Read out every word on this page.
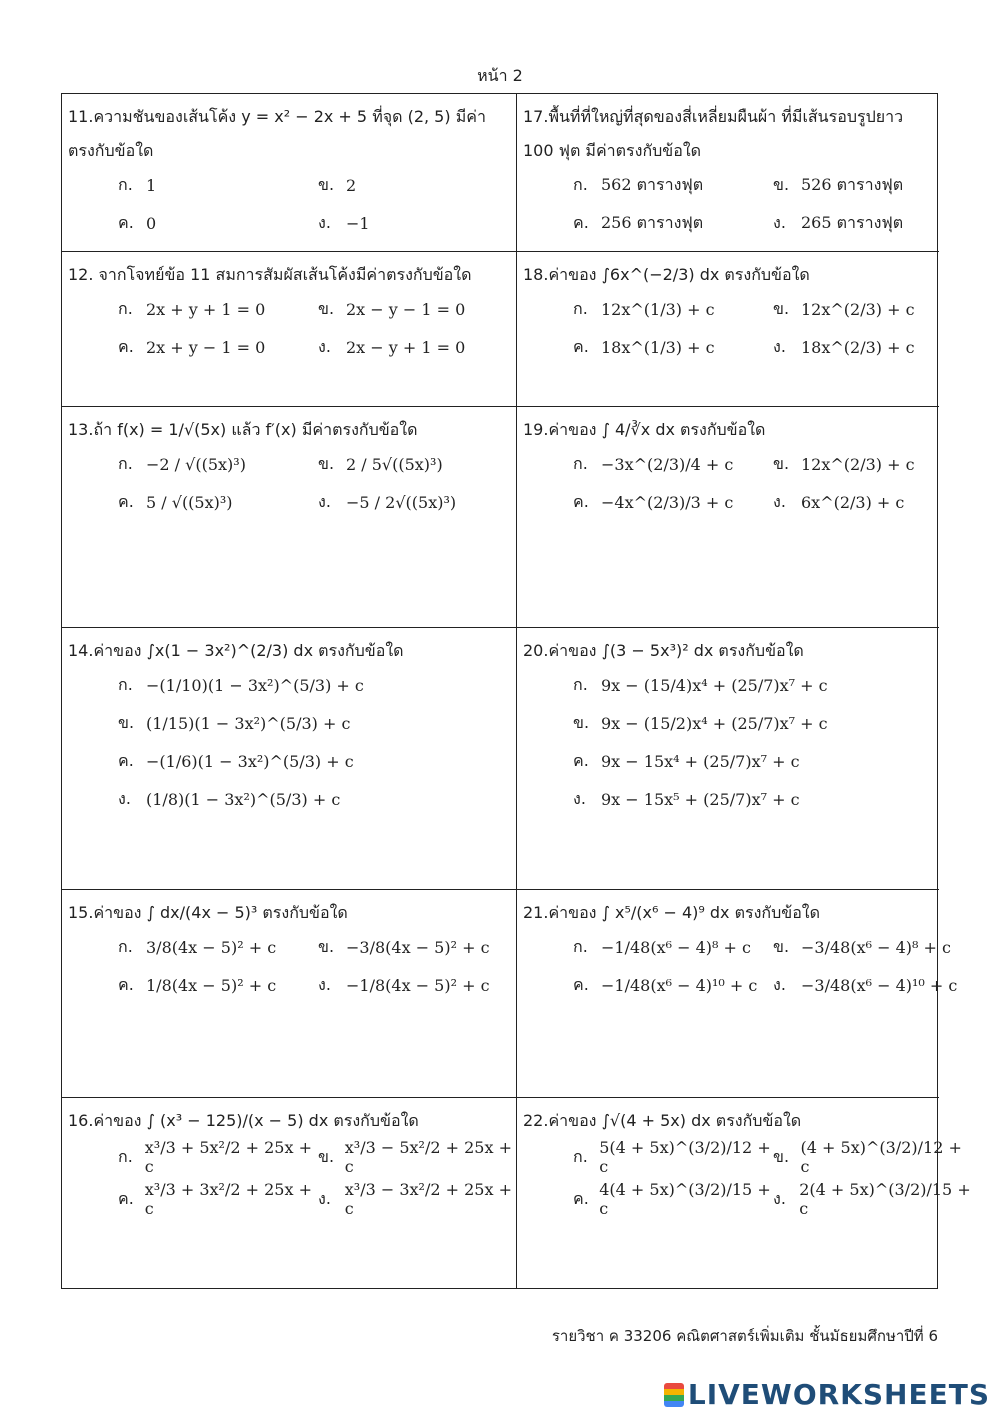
หน้า 2
11.ความชันของเส้นโค้ง y = x² − 2x + 5 ที่จุด (2, 5) มีค่าตรงกับข้อใด
ก. 1	ข. 2
ค. 0	ง. −1
17.พื้นที่ที่ใหญ่ที่สุดของสี่เหลี่ยมผืนผ้า ที่มีเส้นรอบรูปยาว 100 ฟุต มีค่าตรงกับข้อใด
ก. 562 ตารางฟุต	ข. 526 ตารางฟุต
ค. 256 ตารางฟุต	ง. 265 ตารางฟุต
12. จากโจทย์ข้อ 11 สมการสัมผัสเส้นโค้งมีค่าตรงกับข้อใด
ก. 2x + y + 1 = 0	ข. 2x − y − 1 = 0
ค. 2x + y − 1 = 0	ง. 2x − y + 1 = 0
18.ค่าของ ∫6x^(−2/3) dx ตรงกับข้อใด
ก. 12x^(1/3) + c	ข. 12x^(2/3) + c
ค. 18x^(1/3) + c	ง. 18x^(2/3) + c
13.ถ้า f(x) = 1/√(5x) แล้ว f′(x) มีค่าตรงกับข้อใด
ก. −2 / √((5x)³)	ข. 2 / 5√((5x)³)
ค. 5 / √((5x)³)	ง. −5 / 2√((5x)³)
19.ค่าของ ∫ 4/∛x dx ตรงกับข้อใด
ก. −3x^(2/3)/4 + c ข. 12x^(2/3) + c
ค. −4x^(2/3)/3 + c ง. 6x^(2/3) + c
14.ค่าของ ∫x(1 − 3x²)^(2/3) dx ตรงกับข้อใด
ก. −(1/10)(1 − 3x²)^(5/3) + c
ข. (1/15)(1 − 3x²)^(5/3) + c
ค. −(1/6)(1 − 3x²)^(5/3) + c
ง. (1/8)(1 − 3x²)^(5/3) + c
20.ค่าของ ∫(3 − 5x³)² dx ตรงกับข้อใด
ก. 9x − (15/4)x⁴ + (25/7)x⁷ + c
ข. 9x − (15/2)x⁴ + (25/7)x⁷ + c
ค. 9x − 15x⁴ + (25/7)x⁷ + c
ง. 9x − 15x⁵ + (25/7)x⁷ + c
15.ค่าของ ∫ dx/(4x − 5)³ ตรงกับข้อใด
ก. 3/8(4x − 5)² + c	ข. −3/8(4x − 5)² + c
ค. 1/8(4x − 5)² + c	ง. −1/8(4x − 5)² + c
21.ค่าของ ∫ x⁵/(x⁶ − 4)⁹ dx ตรงกับข้อใด
ก. −1/48(x⁶ − 4)⁸ + c ข. −3/48(x⁶ − 4)⁸ + c
ค. −1/48(x⁶ − 4)¹⁰ + c ง. −3/48(x⁶ − 4)¹⁰ + c
16.ค่าของ ∫ (x³ − 125)/(x − 5) dx ตรงกับข้อใด
ก. x³/3 + 5x²/2 + 25x + c
ข. x³/3 − 5x²/2 + 25x + c
ค. x³/3 + 3x²/2 + 25x + c
ง. x³/3 − 3x²/2 + 25x + c
22.ค่าของ ∫√(4 + 5x) dx ตรงกับข้อใด
ก. 5(4 + 5x)^(3/2)/12 + c
ข. (4 + 5x)^(3/2)/12 + c
ค. 4(4 + 5x)^(3/2)/15 + c
ง. 2(4 + 5x)^(3/2)/15 + c
รายวิชา ค 33206 คณิตศาสตร์เพิ่มเติม ชั้นมัธยมศึกษาปีที่ 6
LIVEWORKSHEETS
